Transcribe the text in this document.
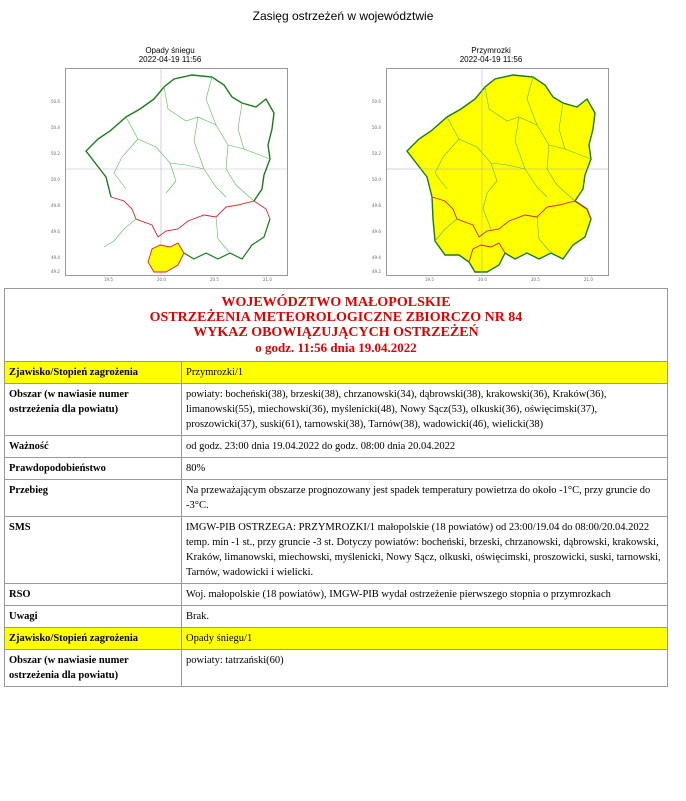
Zasięg ostrzeżeń w województwie
Opady śniegu
2022-04-19 11:56
50.6
50.4
50.2
50.0
49.8
49.6
49.4
49.2
19.5	20.0	20.5	21.0
Przymrozki
2022-04-19 11:56
50.6
50.4
50.2
50.0
49.8
49.6
49.4
49.2
19.5	20.0	20.5	21.0
WOJEWÓDZTWO MAŁOPOLSKIE
OSTRZEŻENIA METEOROLOGICZNE ZBIORCZO NR 84
WYKAZ OBOWIĄZUJĄCYCH OSTRZEŻEŃ
o godz. 11:56 dnia 19.04.2022	

Zjawisko/Stopień zagrożenia	Przymrozki/1
Obszar (w nawiasie numer ostrzeżenia dla powiatu)	powiaty: bocheński(38), brzeski(38), chrzanowski(34), dąbrowski(38), krakowski(36), Kraków(36), limanowski(55), miechowski(36), myślenicki(48), Nowy Sącz(53), olkuski(36), oświęcimski(37), proszowicki(37), suski(61), tarnowski(38), Tarnów(38), wadowicki(46), wielicki(38)
Ważność	od godz. 23:00 dnia 19.04.2022 do godz. 08:00 dnia 20.04.2022
Prawdopodobieństwo	80%
Przebieg	Na przeważającym obszarze prognozowany jest spadek temperatury powietrza do około -1°C, przy gruncie do -3°C.
SMS	IMGW-PIB OSTRZEGA: PRZYMROZKI/1 małopolskie (18 powiatów) od 23:00/19.04 do 08:00/20.04.2022 temp. min -1 st., przy gruncie -3 st. Dotyczy powiatów: bocheński, brzeski, chrzanowski, dąbrowski, krakowski, Kraków, limanowski, miechowski, myślenicki, Nowy Sącz, olkuski, oświęcimski, proszowicki, suski, tarnowski, Tarnów, wadowicki i wielicki.
RSO	Woj. małopolskie (18 powiatów), IMGW-PIB wydał ostrzeżenie pierwszego stopnia o przymrozkach
Uwagi	Brak.
Zjawisko/Stopień zagrożenia	Opady śniegu/1
Obszar (w nawiasie numer ostrzeżenia dla powiatu)	powiaty: tatrzański(60)
